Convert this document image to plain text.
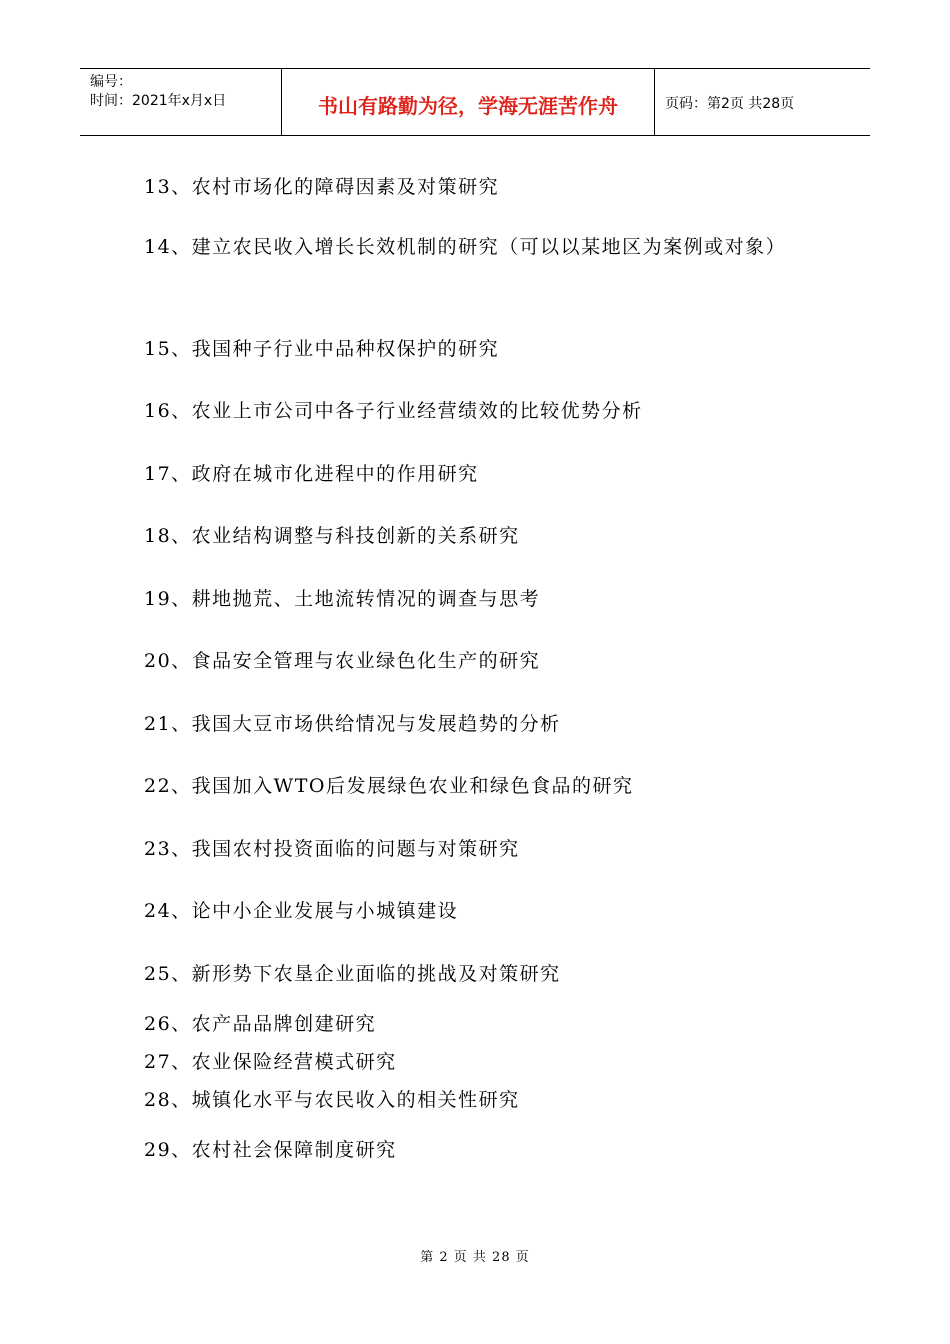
编号：
时间：2021年x月x日	书山有路勤为径，学海无涯苦作舟	页码：第2页 共28页
13、农村市场化的障碍因素及对策研究
14、建立农民收入增长长效机制的研究（可以以某地区为案例或对象）
15、我国种子行业中品种权保护的研究
16、农业上市公司中各子行业经营绩效的比较优势分析
17、政府在城市化进程中的作用研究
18、农业结构调整与科技创新的关系研究
19、耕地抛荒、土地流转情况的调查与思考
20、食品安全管理与农业绿色化生产的研究
21、我国大豆市场供给情况与发展趋势的分析
22、我国加入WTO后发展绿色农业和绿色食品的研究
23、我国农村投资面临的问题与对策研究
24、论中小企业发展与小城镇建设
25、新形势下农垦企业面临的挑战及对策研究
26、农产品品牌创建研究
27、农业保险经营模式研究
28、城镇化水平与农民收入的相关性研究
29、农村社会保障制度研究
第 2 页 共 28 页
